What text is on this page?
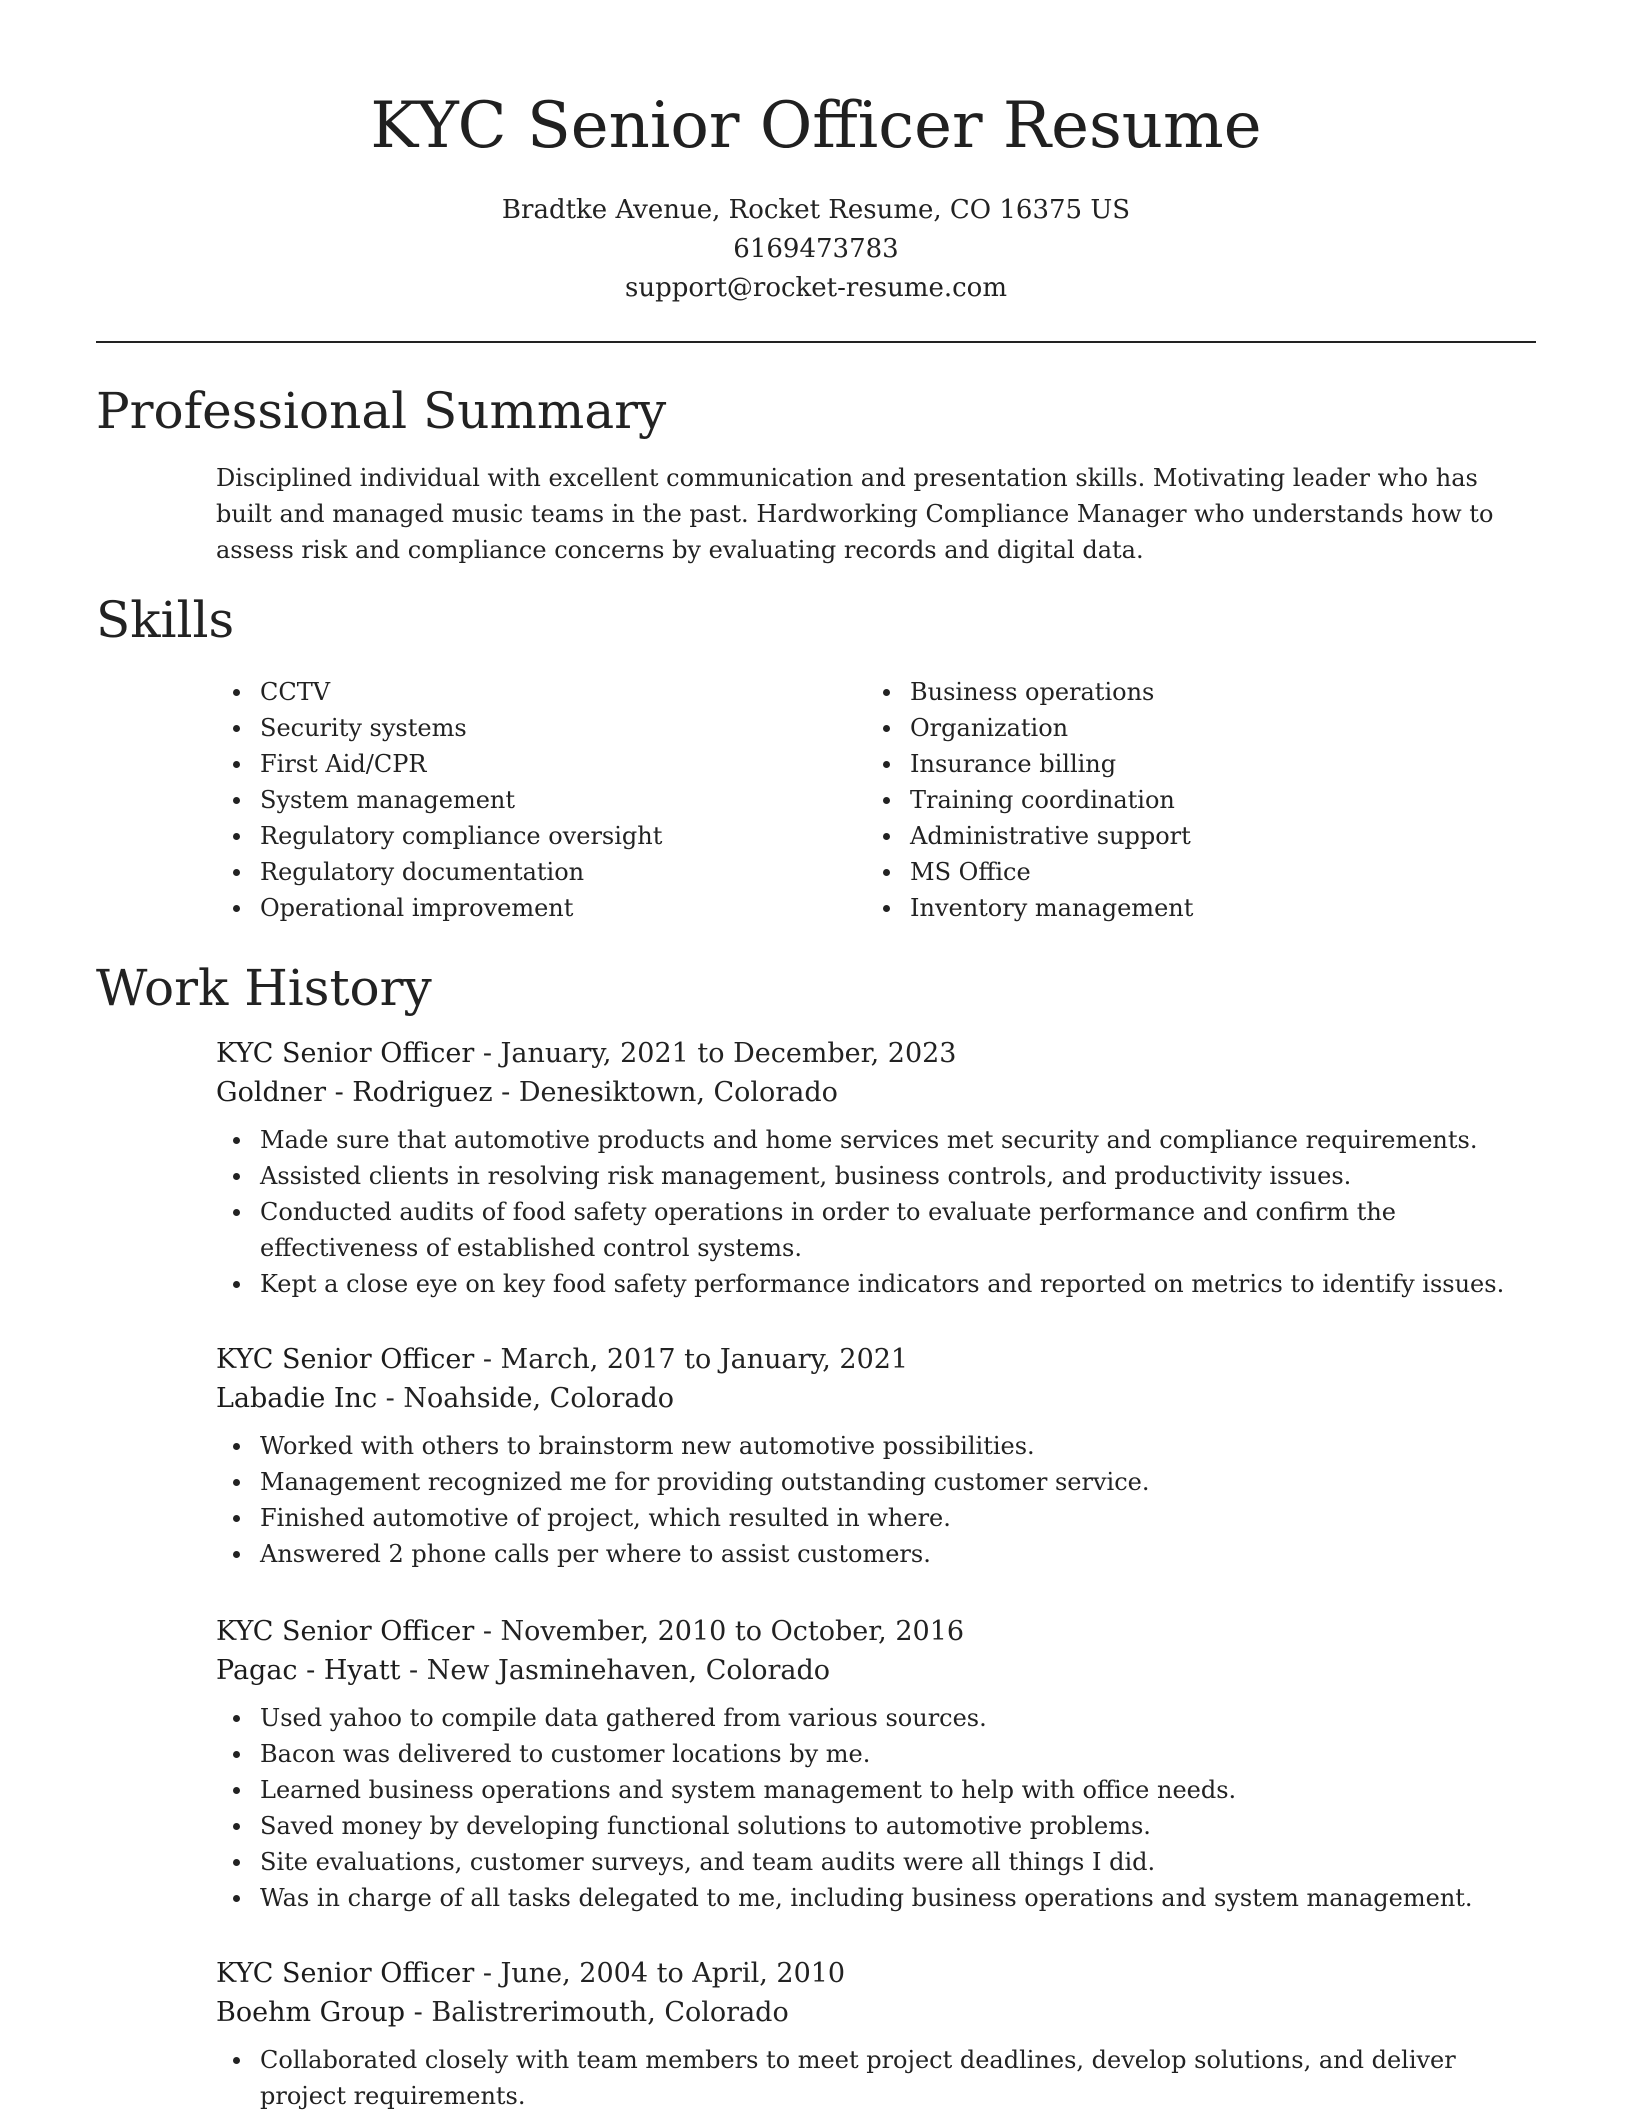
KYC Senior Officer Resume
Bradtke Avenue, Rocket Resume, CO 16375 US
6169473783
support@rocket-resume.com
Professional Summary

Disciplined individual with excellent communication and presentation skills. Motivating leader who has built and managed music teams in the past. Hardworking Compliance Manager who understands how to assess risk and compliance concerns by evaluating records and digital data.

Skills
CCTV
Security systems
First Aid/CPR
System management
Regulatory compliance oversight
Regulatory documentation
Operational improvement
Business operations
Organization
Insurance billing
Training coordination
Administrative support
MS Office
Inventory management
Work History
KYC Senior Officer - January, 2021 to December, 2023
Goldner - Rodriguez - Denesiktown, Colorado
Made sure that automotive products and home services met security and compliance requirements.
Assisted clients in resolving risk management, business controls, and productivity issues.
Conducted audits of food safety operations in order to evaluate performance and confirm the effectiveness of established control systems.
Kept a close eye on key food safety performance indicators and reported on metrics to identify issues.
KYC Senior Officer - March, 2017 to January, 2021
Labadie Inc - Noahside, Colorado
Worked with others to brainstorm new automotive possibilities.
Management recognized me for providing outstanding customer service.
Finished automotive of project, which resulted in where.
Answered 2 phone calls per where to assist customers.
KYC Senior Officer - November, 2010 to October, 2016
Pagac - Hyatt - New Jasminehaven, Colorado
Used yahoo to compile data gathered from various sources.
Bacon was delivered to customer locations by me.
Learned business operations and system management to help with office needs.
Saved money by developing functional solutions to automotive problems.
Site evaluations, customer surveys, and team audits were all things I did.
Was in charge of all tasks delegated to me, including business operations and system management.
KYC Senior Officer - June, 2004 to April, 2010
Boehm Group - Balistrerimouth, Colorado
Collaborated closely with team members to meet project deadlines, develop solutions, and deliver project requirements.
